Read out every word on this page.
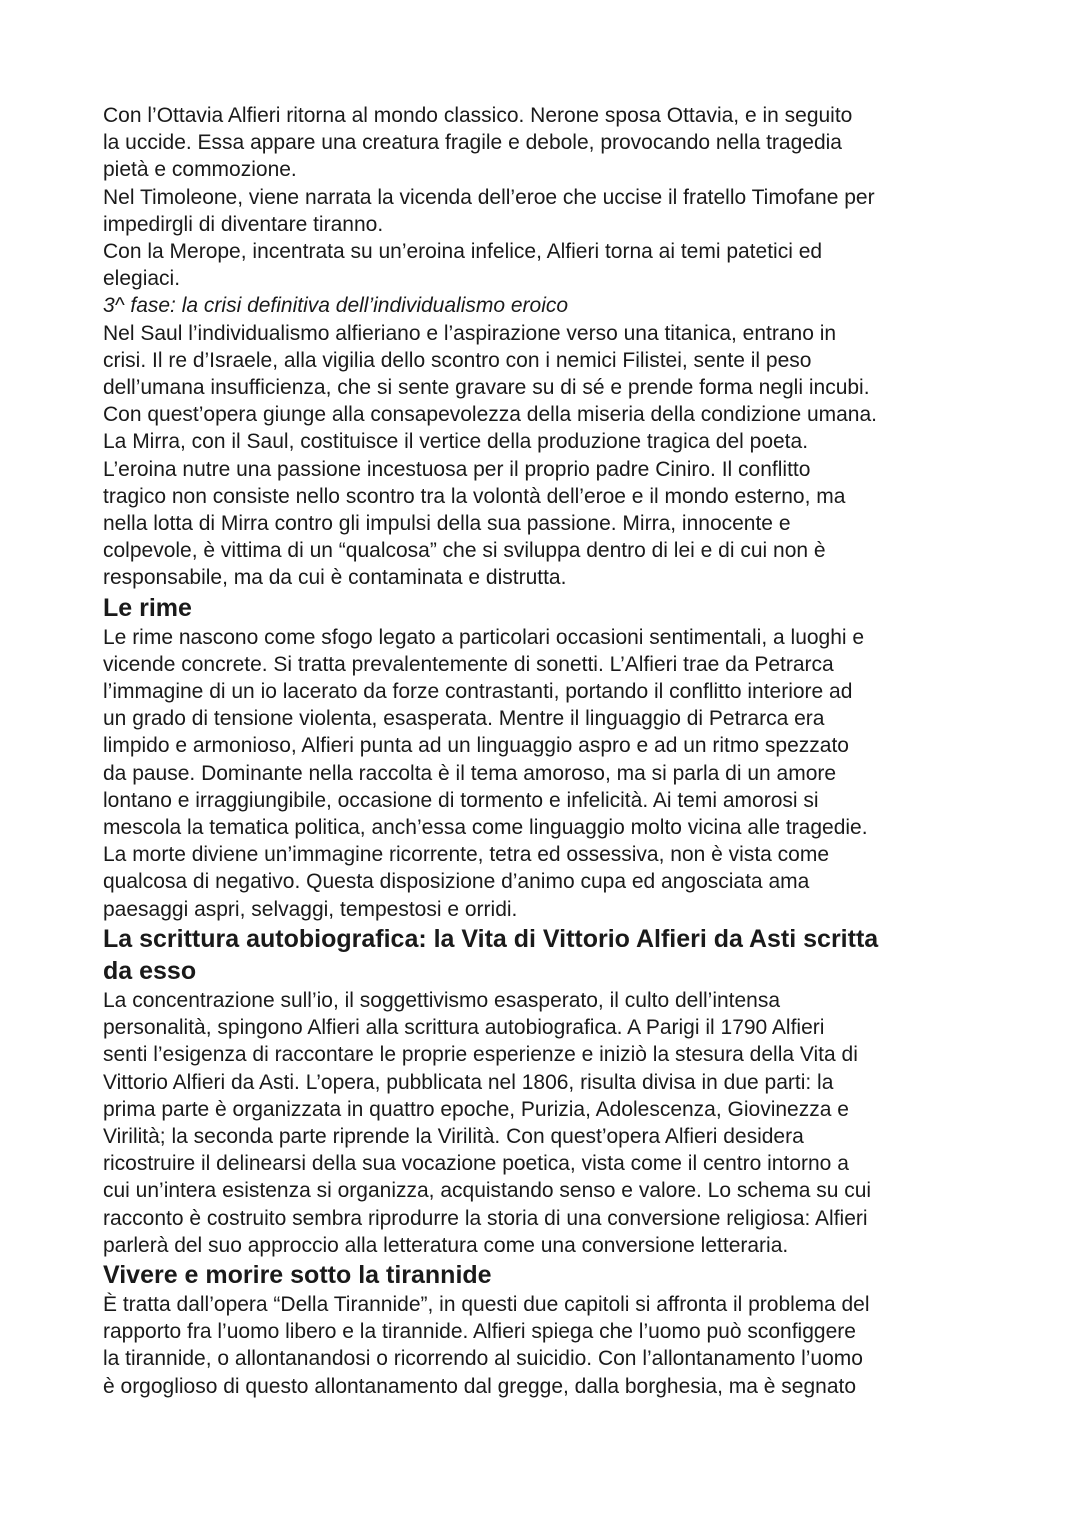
Con l’Ottavia Alfieri ritorna al mondo classico. Nerone sposa Ottavia, e in seguito
la uccide. Essa appare una creatura fragile e debole, provocando nella tragedia
pietà e commozione.

Nel Timoleone, viene narrata la vicenda dell’eroe che uccise il fratello Timofane per
impedirgli di diventare tiranno.

Con la Merope, incentrata su un’eroina infelice, Alfieri torna ai temi patetici ed
elegiaci.

3^ fase: la crisi definitiva dell’individualismo eroico

Nel Saul l’individualismo alfieriano e l’aspirazione verso una titanica, entrano in
crisi. Il re d’Israele, alla vigilia dello scontro con i nemici Filistei, sente il peso
dell’umana insufficienza, che si sente gravare su di sé e prende forma negli incubi.
Con quest’opera giunge alla consapevolezza della miseria della condizione umana.

La Mirra, con il Saul, costituisce il vertice della produzione tragica del poeta.
L’eroina nutre una passione incestuosa per il proprio padre Ciniro. Il conflitto
tragico non consiste nello scontro tra la volontà dell’eroe e il mondo esterno, ma
nella lotta di Mirra contro gli impulsi della sua passione. Mirra, innocente e
colpevole, è vittima di un “qualcosa” che si sviluppa dentro di lei e di cui non è
responsabile, ma da cui è contaminata e distrutta.

Le rime

Le rime nascono come sfogo legato a particolari occasioni sentimentali, a luoghi e
vicende concrete. Si tratta prevalentemente di sonetti. L’Alfieri trae da Petrarca
l’immagine di un io lacerato da forze contrastanti, portando il conflitto interiore ad
un grado di tensione violenta, esasperata. Mentre il linguaggio di Petrarca era
limpido e armonioso, Alfieri punta ad un linguaggio aspro e ad un ritmo spezzato
da pause. Dominante nella raccolta è il tema amoroso, ma si parla di un amore
lontano e irraggiungibile, occasione di tormento e infelicità. Ai temi amorosi si
mescola la tematica politica, anch’essa come linguaggio molto vicina alle tragedie.
La morte diviene un’immagine ricorrente, tetra ed ossessiva, non è vista come
qualcosa di negativo. Questa disposizione d’animo cupa ed angosciata ama
paesaggi aspri, selvaggi, tempestosi e orridi.

La scrittura autobiografica: la Vita di Vittorio Alfieri da Asti scritta
da esso

La concentrazione sull’io, il soggettivismo esasperato, il culto dell’intensa
personalità, spingono Alfieri alla scrittura autobiografica. A Parigi il 1790 Alfieri
senti l’esigenza di raccontare le proprie esperienze e iniziò la stesura della Vita di
Vittorio Alfieri da Asti. L’opera, pubblicata nel 1806, risulta divisa in due parti: la
prima parte è organizzata in quattro epoche, Purizia, Adolescenza, Giovinezza e
Virilità; la seconda parte riprende la Virilità. Con quest’opera Alfieri desidera
ricostruire il delinearsi della sua vocazione poetica, vista come il centro intorno a
cui un’intera esistenza si organizza, acquistando senso e valore. Lo schema su cui
racconto è costruito sembra riprodurre la storia di una conversione religiosa: Alfieri
parlerà del suo approccio alla letteratura come una conversione letteraria.

Vivere e morire sotto la tirannide

È tratta dall’opera “Della Tirannide”, in questi due capitoli si affronta il problema del
rapporto fra l’uomo libero e la tirannide. Alfieri spiega che l’uomo può sconfiggere
la tirannide, o allontanandosi o ricorrendo al suicidio. Con l’allontanamento l’uomo
è orgoglioso di questo allontanamento dal gregge, dalla borghesia, ma è segnato
